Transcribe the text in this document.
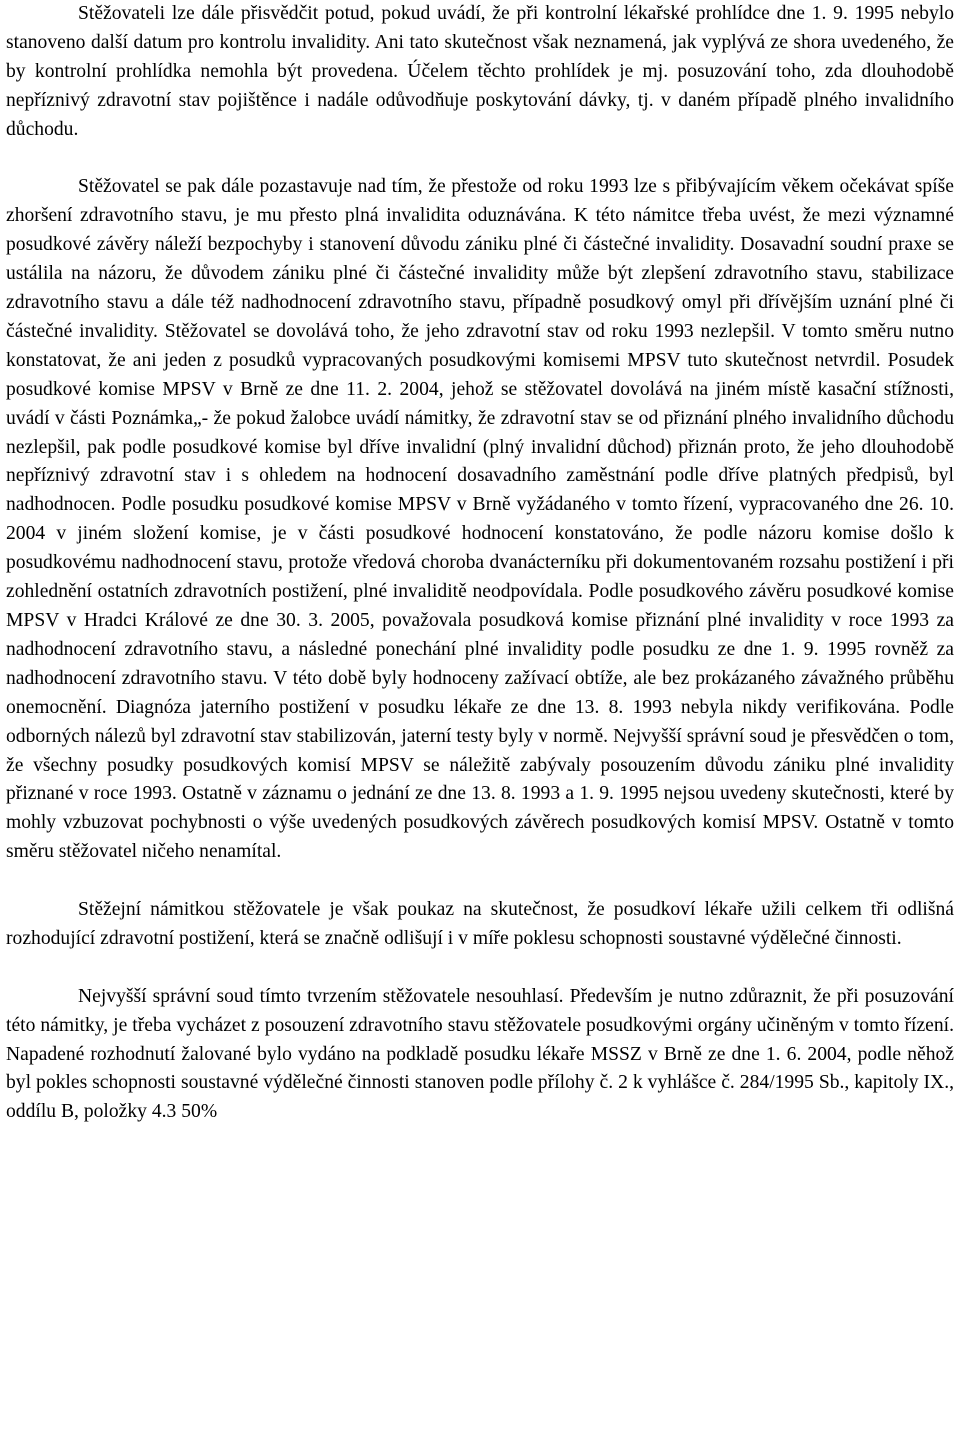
Stěžovateli lze dále přisvědčit potud, pokud uvádí, že při kontrolní lékařské prohlídce dne 1. 9. 1995 nebylo stanoveno další datum pro kontrolu invalidity. Ani tato skutečnost však neznamená, jak vyplývá ze shora uvedeného, že by kontrolní prohlídka nemohla být provedena. Účelem těchto prohlídek je mj. posuzování toho, zda dlouhodobě nepříznivý zdravotní stav pojištěnce i nadále odůvodňuje poskytování dávky, tj. v daném případě plného invalidního důchodu.

Stěžovatel se pak dále pozastavuje nad tím, že přestože od roku 1993 lze s přibývajícím věkem očekávat spíše zhoršení zdravotního stavu, je mu přesto plná invalidita oduznávána. K této námitce třeba uvést, že mezi významné posudkové závěry náleží bezpochyby i stanovení důvodu zániku plné či částečné invalidity. Dosavadní soudní praxe se ustálila na názoru, že důvodem zániku plné či částečné invalidity může být zlepšení zdravotního stavu, stabilizace zdravotního stavu a dále též nadhodnocení zdravotního stavu, případně posudkový omyl při dřívějším uznání plné či částečné invalidity. Stěžovatel se dovolává toho, že jeho zdravotní stav od roku 1993 nezlepšil. V tomto směru nutno konstatovat, že ani jeden z posudků vypracovaných posudkovými komisemi MPSV tuto skutečnost netvrdil. Posudek posudkové komise MPSV v Brně ze dne 11. 2. 2004, jehož se stěžovatel dovolává na jiném místě kasační stížnosti, uvádí v části Poznámka„- že pokud žalobce uvádí námitky, že zdravotní stav se od přiznání plného invalidního důchodu nezlepšil, pak podle posudkové komise byl dříve invalidní (plný invalidní důchod) přiznán proto, že jeho dlouhodobě nepříznivý zdravotní stav i s ohledem na hodnocení dosavadního zaměstnání podle dříve platných předpisů, byl nadhodnocen. Podle posudku posudkové komise MPSV v Brně vyžádaného v tomto řízení, vypracovaného dne 26. 10. 2004 v jiném složení komise, je v části posudkové hodnocení konstatováno, že podle názoru komise došlo k posudkovému nadhodnocení stavu, protože vředová choroba dvanácterníku při dokumentovaném rozsahu postižení i při zohlednění ostatních zdravotních postižení, plné invaliditě neodpovídala. Podle posudkového závěru posudkové komise MPSV v Hradci Králové ze dne 30. 3. 2005, považovala posudková komise přiznání plné invalidity v roce 1993 za nadhodnocení zdravotního stavu, a následné ponechání plné invalidity podle posudku ze dne 1. 9. 1995 rovněž za nadhodnocení zdravotního stavu. V této době byly hodnoceny zažívací obtíže, ale bez prokázaného závažného průběhu onemocnění. Diagnóza jaterního postižení v posudku lékaře ze dne 13. 8. 1993 nebyla nikdy verifikována. Podle odborných nálezů byl zdravotní stav stabilizován, jaterní testy byly v normě. Nejvyšší správní soud je přesvědčen o tom, že všechny posudky posudkových komisí MPSV se náležitě zabývaly posouzením důvodu zániku plné invalidity přiznané v roce 1993. Ostatně v záznamu o jednání ze dne 13. 8. 1993 a 1. 9. 1995 nejsou uvedeny skutečnosti, které by mohly vzbuzovat pochybnosti o výše uvedených posudkových závěrech posudkových komisí MPSV. Ostatně v tomto směru stěžovatel ničeho nenamítal.

Stěžejní námitkou stěžovatele je však poukaz na skutečnost, že posudkoví lékaře užili celkem tři odlišná rozhodující zdravotní postižení, která se značně odlišují i v míře poklesu schopnosti soustavné výdělečné činnosti.

Nejvyšší správní soud tímto tvrzením stěžovatele nesouhlasí. Především je nutno zdůraznit, že při posuzování této námitky, je třeba vycházet z posouzení zdravotního stavu stěžovatele posudkovými orgány učiněným v tomto řízení. Napadené rozhodnutí žalované bylo vydáno na podkladě posudku lékaře MSSZ v Brně ze dne 1. 6. 2004, podle něhož byl pokles schopnosti soustavné výdělečné činnosti stanoven podle přílohy č. 2 k vyhlášce č. 284/1995 Sb., kapitoly IX., oddílu B, položky 4.3 50%
